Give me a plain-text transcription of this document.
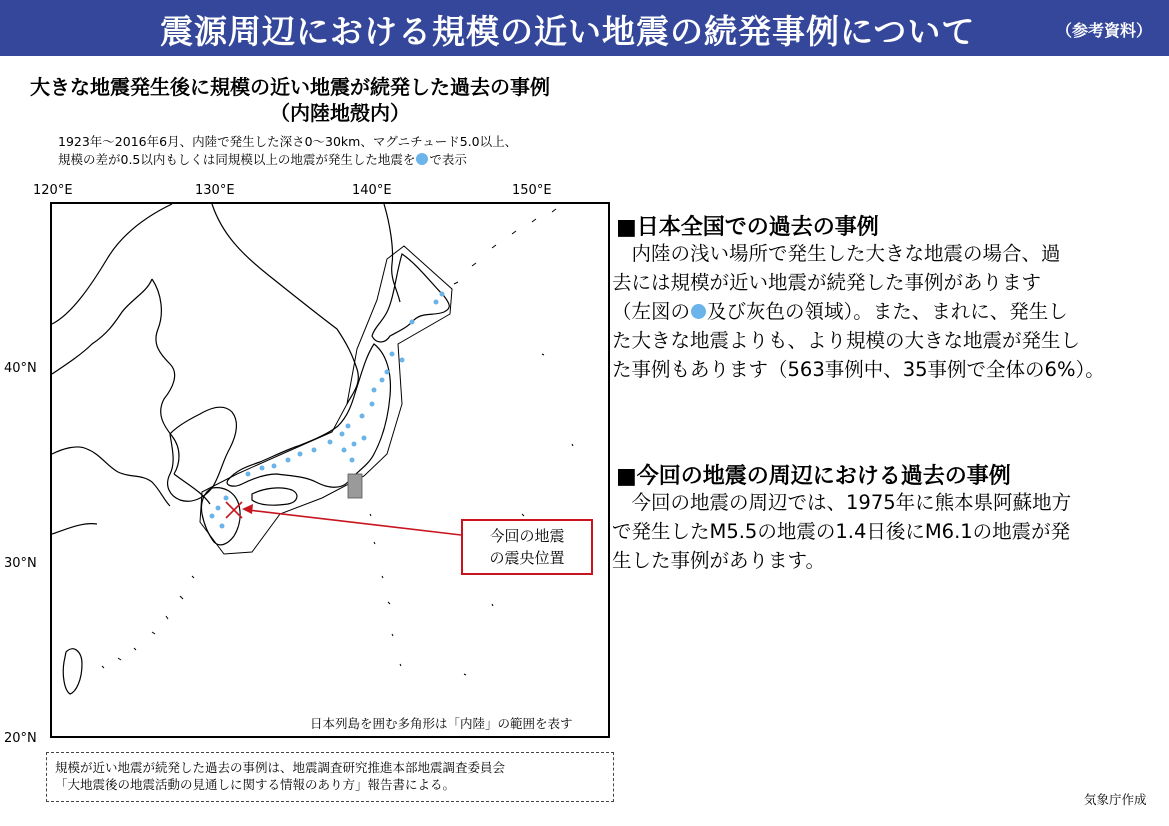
震源周辺における規模の近い地震の続発事例について	（参考資料）
大きな地震発生後に規模の近い地震が続発した過去の事例
（内陸地殻内）
1923年～2016年6月、内陸で発生した深さ0～30km、マグニチュード5.0以上、
規模の差が0.5以内もしくは同規模以上の地震が発生した地震を で表示
120°E	130°E	140°E	150°E
40°N
30°N
20°N
日本列島を囲む多角形は「内陸」の範囲を表す
今回の地震
の震央位置
規模が近い地震が続発した過去の事例は、地震調査研究推進本部地震調査委員会
「大地震後の地震活動の見通しに関する情報のあり方」報告書による。
気象庁作成
■日本全国での過去の事例
　内陸の浅い場所で発生した大きな地震の場合、過
去には規模が近い地震が続発した事例があります
（左図の 及び灰色の領域）。また、まれに、発生し
た大きな地震よりも、より規模の大きな地震が発生し
た事例もあります（563事例中、35事例で全体の6%）。
■今回の地震の周辺における過去の事例
　今回の地震の周辺では、1975年に熊本県阿蘇地方
で発生したM5.5の地震の1.4日後にM6.1の地震が発
生した事例があります。
